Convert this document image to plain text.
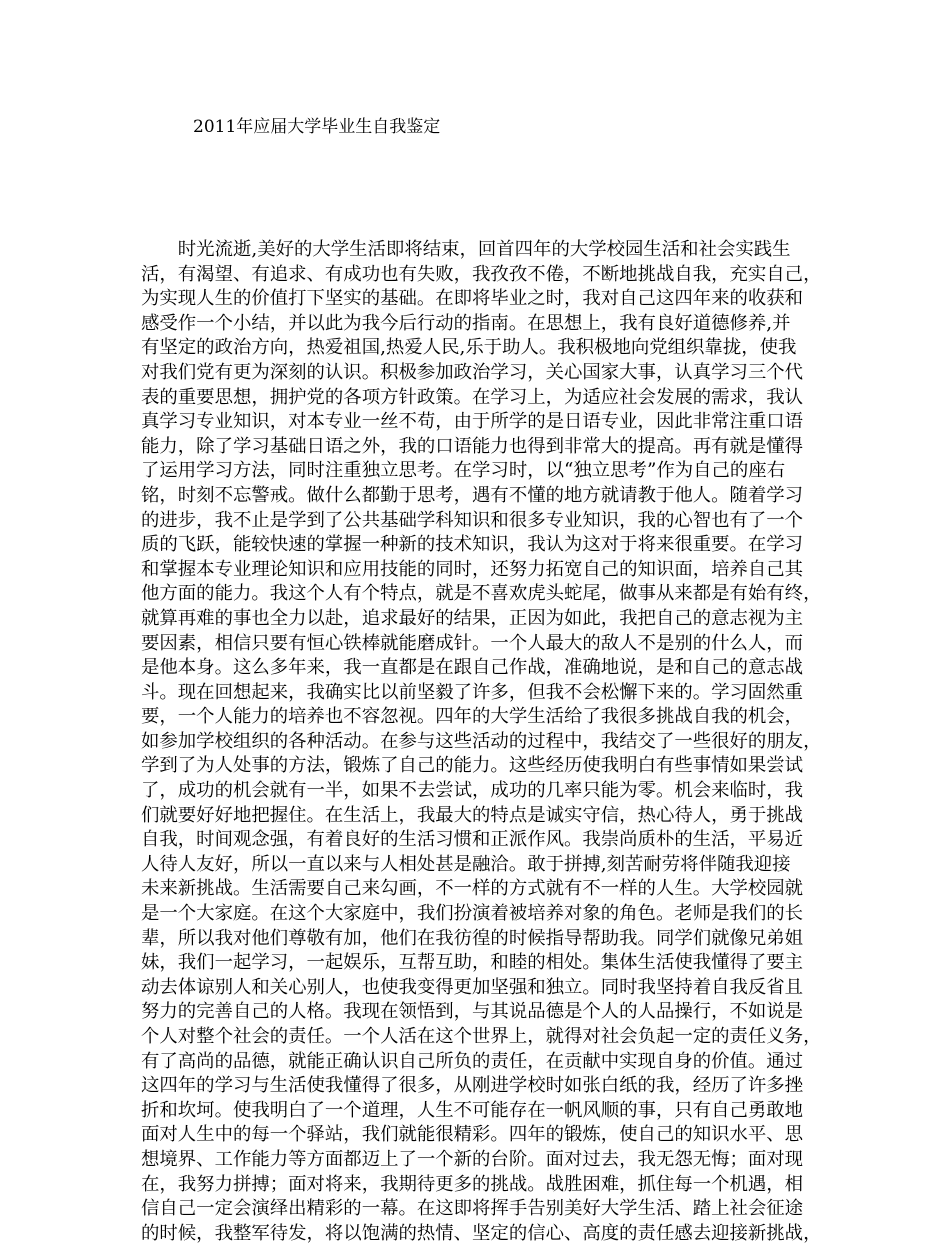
2011年应届大学毕业生自我鉴定
　　时光流逝,美好的大学生活即将结束，回首四年的大学校园生活和社会实践生
活，有渴望、有追求、有成功也有失败，我孜孜不倦，不断地挑战自我，充实自己，
为实现人生的价值打下坚实的基础。在即将毕业之时，我对自己这四年来的收获和
感受作一个小结，并以此为我今后行动的指南。在思想上，我有良好道德修养,并
有坚定的政治方向，热爱祖国,热爱人民,乐于助人。我积极地向党组织靠拢，使我
对我们党有更为深刻的认识。积极参加政治学习，关心国家大事，认真学习三个代
表的重要思想，拥护党的各项方针政策。在学习上，为适应社会发展的需求，我认
真学习专业知识，对本专业一丝不苟，由于所学的是日语专业，因此非常注重口语
能力，除了学习基础日语之外，我的口语能力也得到非常大的提高。再有就是懂得
了运用学习方法，同时注重独立思考。在学习时，以“独立思考”作为自己的座右
铭，时刻不忘警戒。做什么都勤于思考，遇有不懂的地方就请教于他人。随着学习
的进步，我不止是学到了公共基础学科知识和很多专业知识，我的心智也有了一个
质的飞跃，能较快速的掌握一种新的技术知识，我认为这对于将来很重要。在学习
和掌握本专业理论知识和应用技能的同时，还努力拓宽自己的知识面，培养自己其
他方面的能力。我这个人有个特点，就是不喜欢虎头蛇尾，做事从来都是有始有终，
就算再难的事也全力以赴，追求最好的结果，正因为如此，我把自己的意志视为主
要因素，相信只要有恒心铁棒就能磨成针。一个人最大的敌人不是别的什么人，而
是他本身。这么多年来，我一直都是在跟自己作战，准确地说，是和自己的意志战
斗。现在回想起来，我确实比以前坚毅了许多，但我不会松懈下来的。学习固然重
要，一个人能力的培养也不容忽视。四年的大学生活给了我很多挑战自我的机会，
如参加学校组织的各种活动。在参与这些活动的过程中，我结交了一些很好的朋友，
学到了为人处事的方法，锻炼了自己的能力。这些经历使我明白有些事情如果尝试
了，成功的机会就有一半，如果不去尝试，成功的几率只能为零。机会来临时，我
们就要好好地把握住。在生活上，我最大的特点是诚实守信，热心待人，勇于挑战
自我，时间观念强，有着良好的生活习惯和正派作风。我崇尚质朴的生活，平易近
人待人友好，所以一直以来与人相处甚是融洽。敢于拼搏,刻苦耐劳将伴随我迎接
未来新挑战。生活需要自己来勾画，不一样的方式就有不一样的人生。大学校园就
是一个大家庭。在这个大家庭中，我们扮演着被培养对象的角色。老师是我们的长
辈，所以我对他们尊敬有加，他们在我彷徨的时候指导帮助我。同学们就像兄弟姐
妹，我们一起学习，一起娱乐，互帮互助，和睦的相处。集体生活使我懂得了要主
动去体谅别人和关心别人，也使我变得更加坚强和独立。同时我坚持着自我反省且
努力的完善自己的人格。我现在领悟到，与其说品德是个人的人品操行，不如说是
个人对整个社会的责任。一个人活在这个世界上，就得对社会负起一定的责任义务，
有了高尚的品德，就能正确认识自己所负的责任，在贡献中实现自身的价值。通过
这四年的学习与生活使我懂得了很多，从刚进学校时如张白纸的我，经历了许多挫
折和坎坷。使我明白了一个道理，人生不可能存在一帆风顺的事，只有自己勇敢地
面对人生中的每一个驿站，我们就能很精彩。四年的锻炼，使自己的知识水平、思
想境界、工作能力等方面都迈上了一个新的台阶。面对过去，我无怨无悔；面对现
在，我努力拼搏；面对将来，我期待更多的挑战。战胜困难，抓住每一个机遇，相
信自己一定会演绎出精彩的一幕。在这即将挥手告别美好大学生活、踏上社会征途
的时候，我整军待发，将以饱满的热情、坚定的信心、高度的责任感去迎接新挑战，
